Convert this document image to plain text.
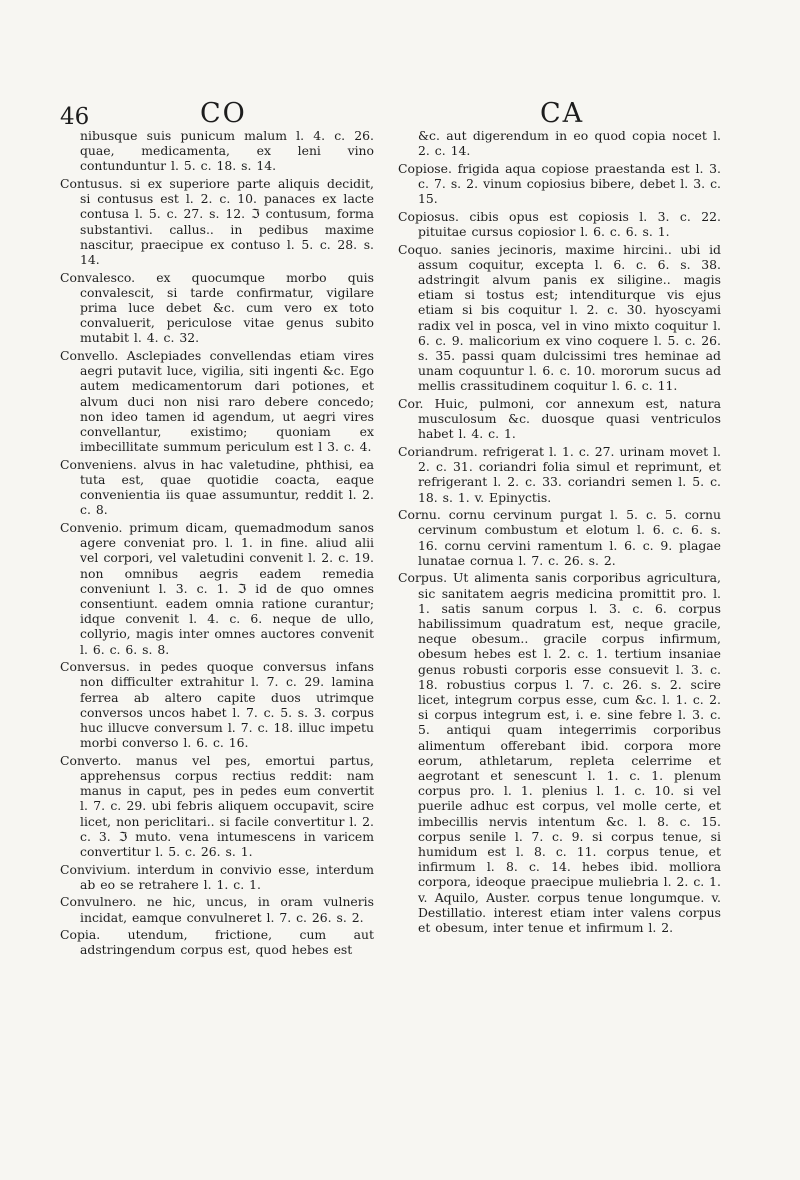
46	CO	CA

nibusque suis punicum malum l. 4. c. 26. quae, medicamenta, ex leni vino contunduntur l. 5. c. 18. s. 14.

Contusus. si ex superiore parte aliquis decidit, si contusus est l. 2. c. 10. panaces ex lacte contusa l. 5. c. 27. s. 12. ℑ contusum, forma substantivi. callus.. in pedibus maxime nascitur, praecipue ex contuso l. 5. c. 28. s. 14.

Convalesco. ex quocumque morbo quis convalescit, si tarde confirmatur, vigilare prima luce debet &c. cum vero ex toto convaluerit, periculose vitae genus subito mutabit l. 4. c. 32.

Convello. Asclepiades convellendas etiam vires aegri putavit luce, vigilia, siti ingenti &c. Ego autem medicamentorum dari potiones, et alvum duci non nisi raro debere concedo; non ideo tamen id agendum, ut aegri vires convellantur, existimo; quoniam ex imbecillitate summum periculum est l 3. c. 4.

Conveniens. alvus in hac valetudine, phthisi, ea tuta est, quae quotidie coacta, eaque convenientia iis quae assumuntur, reddit l. 2. c. 8.

Convenio. primum dicam, quemadmodum sanos agere conveniat pro. l. 1. in fine. aliud alii vel corpori, vel valetudini convenit l. 2. c. 19. non omnibus aegris eadem remedia conveniunt l. 3. c. 1. ℑ id de quo omnes consentiunt. eadem omnia ratione curantur; idque convenit l. 4. c. 6. neque de ullo, collyrio, magis inter omnes auctores convenit l. 6. c. 6. s. 8.

Conversus. in pedes quoque conversus infans non difficulter extrahitur l. 7. c. 29. lamina ferrea ab altero capite duos utrimque conversos uncos habet l. 7. c. 5. s. 3. corpus huc illucve conversum l. 7. c. 18. illuc impetu morbi converso l. 6. c. 16.

Converto. manus vel pes, emortui partus, apprehensus corpus rectius reddit: nam manus in caput, pes in pedes eum convertit l. 7. c. 29. ubi febris aliquem occupavit, scire licet, non periclitari.. si facile convertitur l. 2. c. 3. ℑ muto. vena intumescens in varicem convertitur l. 5. c. 26. s. 1.

Convivium. interdum in convivio esse, interdum ab eo se retrahere l. 1. c. 1.

Convulnero. ne hic, uncus, in oram vulneris incidat, eamque convulneret l. 7. c. 26. s. 2.

Copia. utendum, frictione, cum aut adstringendum corpus est, quod hebes est

&c. aut digerendum in eo quod copia nocet l. 2. c. 14.

Copiose. frigida aqua copiose praestanda est l. 3. c. 7. s. 2. vinum copiosius bibere, debet l. 3. c. 15.

Copiosus. cibis opus est copiosis l. 3. c. 22. pituitae cursus copiosior l. 6. c. 6. s. 1.

Coquo. sanies jecinoris, maxime hircini.. ubi id assum coquitur, excepta l. 6. c. 6. s. 38. adstringit alvum panis ex siligine.. magis etiam si tostus est; intenditurque vis ejus etiam si bis coquitur l. 2. c. 30. hyoscyami radix vel in posca, vel in vino mixto coquitur l. 6. c. 9. malicorium ex vino coquere l. 5. c. 26. s. 35. passi quam dulcissimi tres heminae ad unam coquuntur l. 6. c. 10. mororum sucus ad mellis crassitudinem coquitur l. 6. c. 11.

Cor. Huic, pulmoni, cor annexum est, natura musculosum &c. duosque quasi ventriculos habet l. 4. c. 1.

Coriandrum. refrigerat l. 1. c. 27. urinam movet l. 2. c. 31. coriandri folia simul et reprimunt, et refrigerant l. 2. c. 33. coriandri semen l. 5. c. 18. s. 1. v. Epinyctis.

Cornu. cornu cervinum purgat l. 5. c. 5. cornu cervinum combustum et elotum l. 6. c. 6. s. 16. cornu cervini ramentum l. 6. c. 9. plagae lunatae cornua l. 7. c. 26. s. 2.

Corpus. Ut alimenta sanis corporibus agricultura, sic sanitatem aegris medicina promittit pro. l. 1. satis sanum corpus l. 3. c. 6. corpus habilissimum quadratum est, neque gracile, neque obesum.. gracile corpus infirmum, obesum hebes est l. 2. c. 1. tertium insaniae genus robusti corporis esse consuevit l. 3. c. 18. robustius corpus l. 7. c. 26. s. 2. scire licet, integrum corpus esse, cum &c. l. 1. c. 2. si corpus integrum est, i. e. sine febre l. 3. c. 5. antiqui quam integerrimis corporibus alimentum offerebant ibid. corpora more eorum, athletarum, repleta celerrime et aegrotant et senescunt l. 1. c. 1. plenum corpus pro. l. 1. plenius l. 1. c. 10. si vel puerile adhuc est corpus, vel molle certe, et imbecillis nervis intentum &c. l. 8. c. 15. corpus senile l. 7. c. 9. si corpus tenue, si humidum est l. 8. c. 11. corpus tenue, et infirmum l. 8. c. 14. hebes ibid. molliora corpora, ideoque praecipue muliebria l. 2. c. 1. v. Aquilo, Auster. corpus tenue longumque. v. Destillatio. interest etiam inter valens corpus et obesum, inter tenue et infirmum l. 2.
